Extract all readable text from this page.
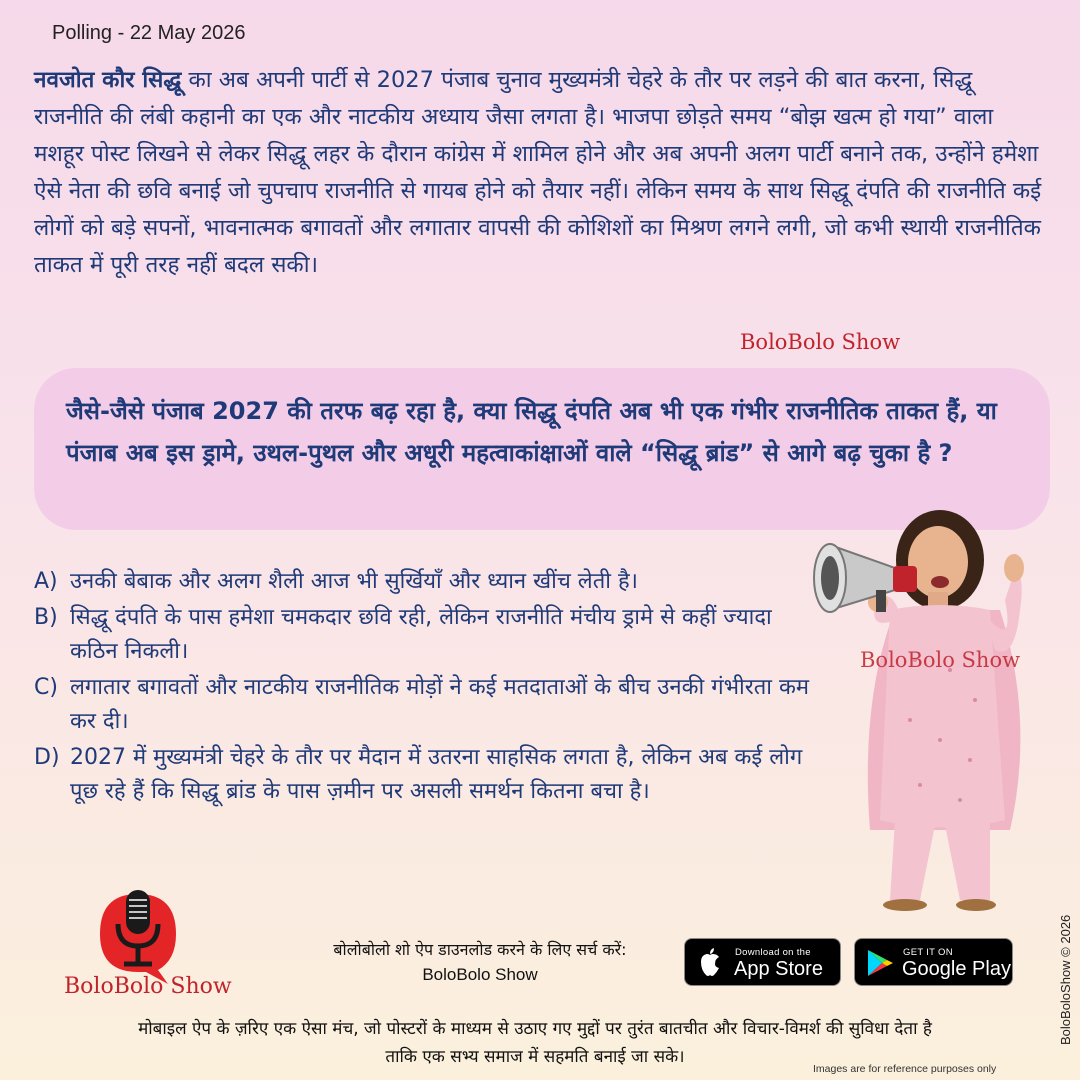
Polling - 22 May 2026
नवजोत कौर सिद्धू का अब अपनी पार्टी से 2027 पंजाब चुनाव मुख्यमंत्री चेहरे के तौर पर लड़ने की बात करना, सिद्धू राजनीति की लंबी कहानी का एक और नाटकीय अध्याय जैसा लगता है। भाजपा छोड़ते समय “बोझ खत्म हो गया” वाला मशहूर पोस्ट लिखने से लेकर सिद्धू लहर के दौरान कांग्रेस में शामिल होने और अब अपनी अलग पार्टी बनाने तक, उन्होंने हमेशा ऐसे नेता की छवि बनाई जो चुपचाप राजनीति से गायब होने को तैयार नहीं। लेकिन समय के साथ सिद्धू दंपति की राजनीति कई लोगों को बड़े सपनों, भावनात्मक बगावतों और लगातार वापसी की कोशिशों का मिश्रण लगने लगी, जो कभी स्थायी राजनीतिक ताकत में पूरी तरह नहीं बदल सकी।
BoloBolo Show
जैसे-जैसे पंजाब 2027 की तरफ बढ़ रहा है, क्या सिद्धू दंपति अब भी एक गंभीर राजनीतिक ताकत हैं, या पंजाब अब इस ड्रामे, उथल-पुथल और अधूरी महत्वाकांक्षाओं वाले “सिद्धू ब्रांड” से आगे बढ़ चुका है ?
A) उनकी बेबाक और अलग शैली आज भी सुर्खियाँ और ध्यान खींच लेती है।
B) सिद्धू दंपति के पास हमेशा चमकदार छवि रही, लेकिन राजनीति मंचीय ड्रामे से कहीं ज्यादा कठिन निकली।
C) लगातार बगावतों और नाटकीय राजनीतिक मोड़ों ने कई मतदाताओं के बीच उनकी गंभीरता कम कर दी।
D) 2027 में मुख्यमंत्री चेहरे के तौर पर मैदान में उतरना साहसिक लगता है, लेकिन अब कई लोग पूछ रहे हैं कि सिद्धू ब्रांड के पास ज़मीन पर असली समर्थन कितना बचा है।
BoloBolo Show
BoloBolo Show
बोलोबोलो शो ऐप डाउनलोड करने के लिए सर्च करें:
BoloBolo Show
Download on the
App Store
GET IT ON
Google Play
मोबाइल ऐप के ज़रिए एक ऐसा मंच, जो पोस्टरों के माध्यम से उठाए गए मुद्दों पर तुरंत बातचीत और विचार-विमर्श की सुविधा देता है
ताकि एक सभ्य समाज में सहमति बनाई जा सके।
BoloBoloShow © 2026
Images are for reference purposes only
